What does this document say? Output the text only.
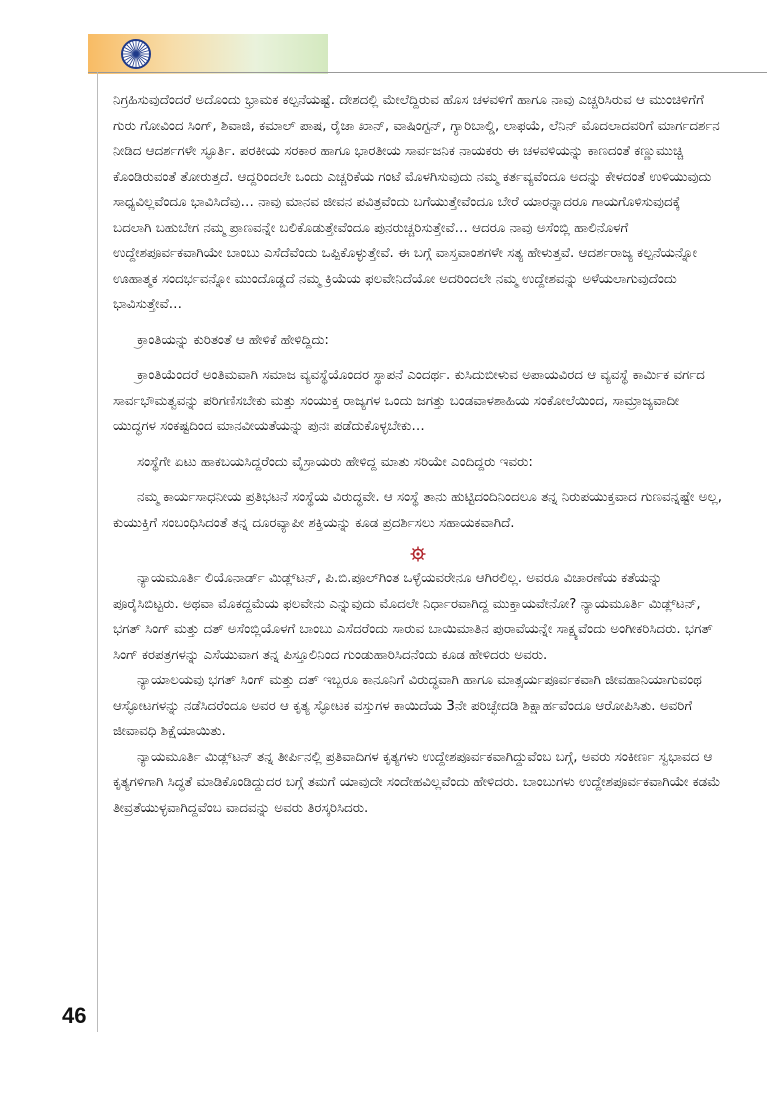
ನಿಗ್ರಹಿಸುವುದೆಂದರೆ ಅದೊಂದು ಭ್ರಾಮಕ ಕಲ್ಪನೆಯಷ್ಟೆ. ದೇಶದಲ್ಲಿ ಮೇಲೆದ್ದಿರುವ ಹೊಸ ಚಳವಳಿಗೆ ಹಾಗೂ ನಾವು ಎಚ್ಚರಿಸಿರುವ ಆ ಮುಂಚಿಳಿಗೆಗೆ ಗುರು ಗೋವಿಂದ ಸಿಂಗ್, ಶಿವಾಜಿ, ಕಮಾಲ್ ಪಾಷ, ರೈಜಾ ಖಾನ್, ವಾಷಿಂಗ್ಟನ್, ಗ್ಯಾರಿಬಾಲ್ಡಿ, ಲಾಫಯೆ, ಲೆನಿನ್ ಮೊದಲಾದವರಿಗೆ ಮಾರ್ಗದರ್ಶನ ನೀಡಿದ ಆದರ್ಶಗಳೇ ಸ್ಫೂರ್ತಿ. ಪರಕೀಯ ಸರಕಾರ ಹಾಗೂ ಭಾರತೀಯ ಸಾರ್ವಜನಿಕ ನಾಯಕರು ಈ ಚಳವಳಿಯನ್ನು ಕಾಣದಂತೆ ಕಣ್ಣುಮುಚ್ಚಿ ಕೊಂಡಿರುವಂತೆ ತೋರುತ್ತದೆ. ಆದ್ದರಿಂದಲೇ ಒಂದು ಎಚ್ಚರಿಕೆಯ ಗಂಟೆ ಮೊಳಗಿಸುವುದು ನಮ್ಮ ಕರ್ತವ್ಯವೆಂದೂ ಅದನ್ನು ಕೇಳದಂತೆ ಉಳಿಯುವುದು ಸಾಧ್ಯವಿಲ್ಲವೆಂದೂ ಭಾವಿಸಿದೆವು… ನಾವು ಮಾನವ ಜೀವನ ಪವಿತ್ರವೆಂದು ಬಗೆಯುತ್ತೇವೆಂದೂ ಬೇರೆ ಯಾರನ್ನಾದರೂ ಗಾಯಗೊಳಿಸುವುದಕ್ಕೆ ಬದಲಾಗಿ ಬಹುಬೇಗ ನಮ್ಮ ಪ್ರಾಣವನ್ನೇ ಬಲಿಕೊಡುತ್ತೇವೆಂದೂ ಪುನರುಚ್ಚರಿಸುತ್ತೇವೆ… ಆದರೂ ನಾವು ಅಸೆಂಬ್ಲಿ ಹಾಲಿನೊಳಗೆ ಉದ್ದೇಶಪೂರ್ವಕವಾಗಿಯೇ ಬಾಂಬು ಎಸೆದೆವೆಂದು ಒಪ್ಪಿಕೊಳ್ಳುತ್ತೇವೆ. ಈ ಬಗ್ಗೆ ವಾಸ್ತವಾಂಶಗಳೇ ಸತ್ಯ ಹೇಳುತ್ತವೆ. ಆದರ್ಶರಾಜ್ಯ ಕಲ್ಪನೆಯನ್ನೋ ಊಹಾತ್ಮಕ ಸಂದರ್ಭವನ್ನೋ ಮುಂದೊಡ್ಡದೆ ನಮ್ಮ ಕ್ರಿಯೆಯ ಫಲವೇನಿದೆಯೋ ಅದರಿಂದಲೇ ನಮ್ಮ ಉದ್ದೇಶವನ್ನು ಅಳೆಯಲಾಗುವುದೆಂದು ಭಾವಿಸುತ್ತೇವೆ…

ಕ್ರಾಂತಿಯನ್ನು ಕುರಿತಂತೆ ಆ ಹೇಳಿಕೆ ಹೇಳಿದ್ದಿದು:

ಕ್ರಾಂತಿಯೆಂದರೆ ಅಂತಿಮವಾಗಿ ಸಮಾಜ ವ್ಯವಸ್ಥೆಯೊಂದರ ಸ್ಥಾಪನೆ ಎಂದರ್ಥ. ಕುಸಿದುಬೀಳುವ ಅಪಾಯವಿರದ ಆ ವ್ಯವಸ್ಥೆ ಕಾರ್ಮಿಕ ವರ್ಗದ ಸಾರ್ವಭೌಮತ್ವವನ್ನು ಪರಿಗಣಿಸಬೇಕು ಮತ್ತು ಸಂಯುಕ್ತ ರಾಜ್ಯಗಳ ಒಂದು ಜಗತ್ತು ಬಂಡವಾಳಶಾಹಿಯ ಸಂಕೋಲೆಯಿಂದ, ಸಾಮ್ರಾಜ್ಯವಾದೀ ಯುದ್ಧಗಳ ಸಂಕಷ್ಟದಿಂದ ಮಾನವೀಯತೆಯನ್ನು ಪುನಃ ಪಡೆದುಕೊಳ್ಳಬೇಕು…

ಸಂಸ್ಥೆಗೇ ಏಟು ಹಾಕಬಯಸಿದ್ದರೆಂದು ವೈಸ್ರಾಯರು ಹೇಳಿದ್ದ ಮಾತು ಸರಿಯೇ ಎಂದಿದ್ದರು ಇವರು:

ನಮ್ಮ ಕಾರ್ಯಸಾಧನೀಯ ಪ್ರತಿಭಟನೆ ಸಂಸ್ಥೆಯ ವಿರುದ್ಧವೇ. ಆ ಸಂಸ್ಥೆ ತಾನು ಹುಟ್ಟಿದಂದಿನಿಂದಲೂ ತನ್ನ ನಿರುಪಯುಕ್ತವಾದ ಗುಣವನ್ನಷ್ಟೇ ಅಲ್ಲ, ಕುಯುಕ್ತಿಗೆ ಸಂಬಂಧಿಸಿದಂತೆ ತನ್ನ ದೂರವ್ಯಾಪೀ ಶಕ್ತಿಯನ್ನು ಕೂಡ ಪ್ರದರ್ಶಿಸಲು ಸಹಾಯಕವಾಗಿದೆ.

ನ್ಯಾಯಮೂರ್ತಿ ಲಿಯೊನಾರ್ಡ್ ಮಿಡ್ಲ್‌ಟನ್, ಪಿ.ಬಿ.ಪೂಲ್‌ಗಿಂತ ಒಳ್ಳೆಯವರೇನೂ ಆಗಿರಲಿಲ್ಲ. ಅವರೂ ವಿಚಾರಣೆಯ ಕತೆಯನ್ನು ಪೂರೈಸಿಬಿಟ್ಟರು. ಅಥವಾ ಮೊಕದ್ದಮೆಯ ಫಲವೇನು ಎನ್ನುವುದು ಮೊದಲೇ ನಿರ್ಧಾರವಾಗಿದ್ದ ಮುಕ್ತಾಯವೇನೋ? ನ್ಯಾಯಮೂರ್ತಿ ಮಿಡ್ಲ್‌ಟನ್, ಭಗತ್ ಸಿಂಗ್ ಮತ್ತು ದತ್ ಅಸೆಂಬ್ಲಿಯೊಳಗೆ ಬಾಂಬು ಎಸೆದರೆಂದು ಸಾರುವ ಬಾಯಿಮಾತಿನ ಪುರಾವೆಯನ್ನೇ ಸಾಕ್ಷ್ಯವೆಂದು ಅಂಗೀಕರಿಸಿದರು. ಭಗತ್ ಸಿಂಗ್ ಕರಪತ್ರಗಳನ್ನು ಎಸೆಯುವಾಗ ತನ್ನ ಪಿಸ್ತೂಲಿನಿಂದ ಗುಂಡುಹಾರಿಸಿದನೆಂದು ಕೂಡ ಹೇಳಿದರು ಅವರು.

ನ್ಯಾಯಾಲಯವು ಭಗತ್ ಸಿಂಗ್ ಮತ್ತು ದತ್ ಇಬ್ಬರೂ ಕಾನೂನಿಗೆ ವಿರುದ್ಧವಾಗಿ ಹಾಗೂ ಮಾತ್ಸರ್ಯಪೂರ್ವಕವಾಗಿ ಜೀವಹಾನಿಯಾಗುವಂಥ ಆಸ್ಫೋಟಗಳನ್ನು ನಡೆಸಿದರೆಂದೂ ಅವರ ಆ ಕೃತ್ಯ ಸ್ಫೋಟಕ ವಸ್ತುಗಳ ಕಾಯಿದೆಯ 3ನೇ ಪರಿಚ್ಛೇದಡಿ ಶಿಕ್ಷಾರ್ಹವೆಂದೂ ಆರೋಪಿಸಿತು. ಅವರಿಗೆ ಜೀವಾವಧಿ ಶಿಕ್ಷೆಯಾಯಿತು.

ನ್ಯಾಯಮೂರ್ತಿ ಮಿಡ್ಲ್‌ಟನ್ ತನ್ನ ತೀರ್ಪಿನಲ್ಲಿ ಪ್ರತಿವಾದಿಗಳ ಕೃತ್ಯಗಳು ಉದ್ದೇಶಪೂರ್ವಕವಾಗಿದ್ದುವೆಂಬ ಬಗ್ಗೆ, ಅವರು ಸಂಕೀರ್ಣ ಸ್ವಭಾವದ ಆ ಕೃತ್ಯಗಳಿಗಾಗಿ ಸಿದ್ಧತೆ ಮಾಡಿಕೊಂಡಿದ್ದುದರ ಬಗ್ಗೆ ತಮಗೆ ಯಾವುದೇ ಸಂದೇಹವಿಲ್ಲವೆಂದು ಹೇಳಿದರು. ಬಾಂಬುಗಳು ಉದ್ದೇಶಪೂರ್ವಕವಾಗಿಯೇ ಕಡಮೆ ತೀವ್ರತೆಯುಳ್ಳವಾಗಿದ್ದವೆಂಬ ವಾದವನ್ನು ಅವರು ತಿರಸ್ಕರಿಸಿದರು.

46
